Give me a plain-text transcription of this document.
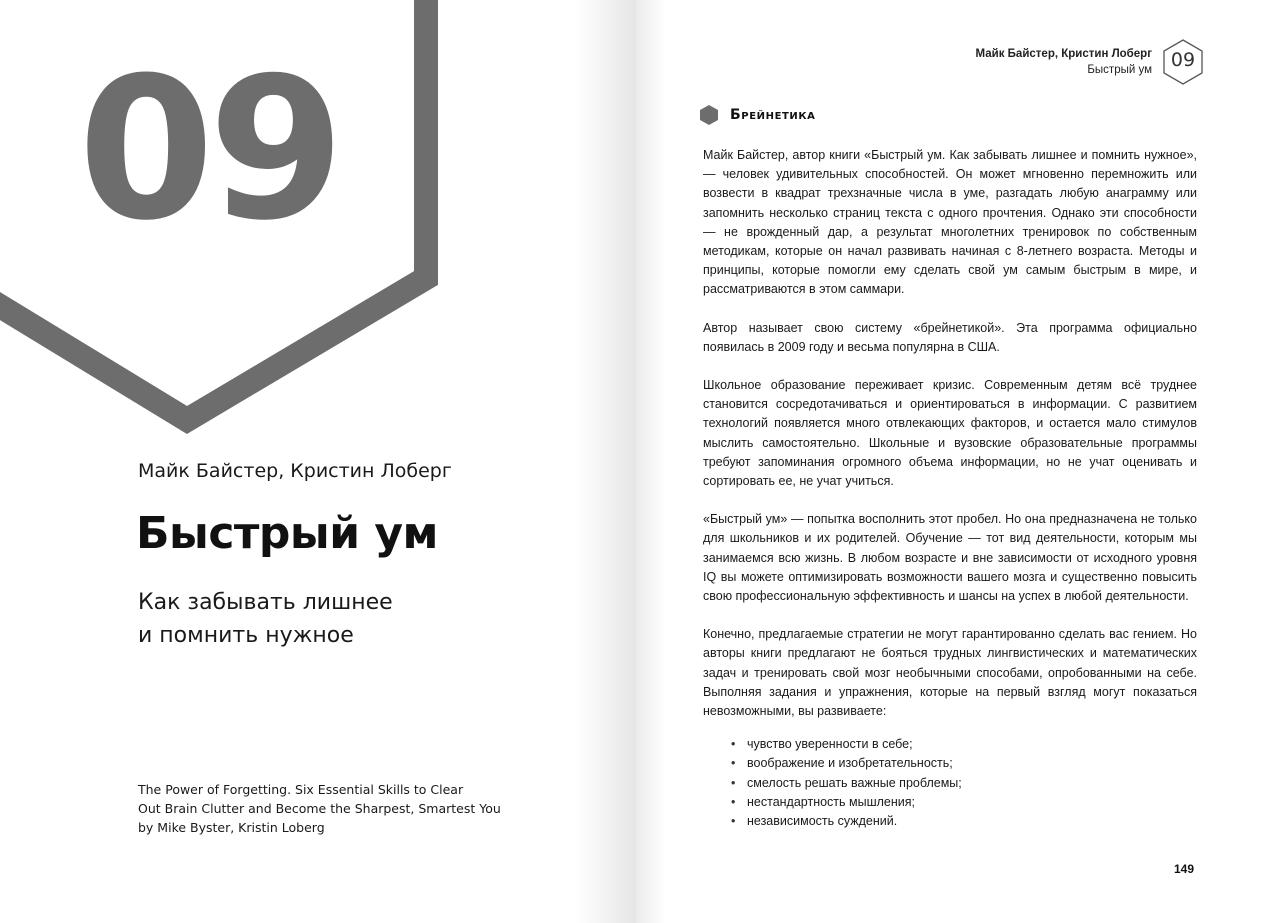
09
Майк Байстер, Кристин Лоберг
Быстрый ум
Как забывать лишнее
и помнить нужное
The Power of Forgetting. Six Essential Skills to Clear
Out Brain Clutter and Become the Sharpest, Smartest You
by Mike Byster, Kristin Loberg
Майк Байстер, Кристин Лоберг
Быстрый ум 09
Брейнетика

Майк Байстер, автор книги «Быстрый ум. Как забывать лишнее и помнить нужное», — человек удивительных способностей. Он может мгновенно перемножить или возвести в квадрат трехзначные числа в уме, разгадать любую анаграмму или запомнить несколько страниц текста с одного прочтения. Однако эти способности — не врожденный дар, а результат многолетних тренировок по собственным методикам, которые он начал развивать начиная с 8-летнего возраста. Методы и принципы, которые помогли ему сделать свой ум самым быстрым в мире, и рассматриваются в этом саммари.

Автор называет свою систему «брейнетикой». Эта программа официально появилась в 2009 году и весьма популярна в США.

Школьное образование переживает кризис. Современным детям всё труднее становится сосредотачиваться и ориентироваться в информации. С развитием технологий появляется много отвлекающих факторов, и остается мало стимулов мыслить самостоятельно. Школьные и вузовские образовательные программы требуют запоминания огромного объема информации, но не учат оценивать и сортировать ее, не учат учиться.

«Быстрый ум» — попытка восполнить этот пробел. Но она предназначена не только для школьников и их родителей. Обучение — тот вид деятельности, которым мы занимаемся всю жизнь. В любом возрасте и вне зависимости от исходного уровня IQ вы можете оптимизировать возможности вашего мозга и существенно повысить свою профессиональную эффективность и шансы на успех в любой деятельности.

Конечно, предлагаемые стратегии не могут гарантированно сделать вас гением. Но авторы книги предлагают не бояться трудных лингвистических и математических задач и тренировать свой мозг необычными способами, опробованными на себе. Выполняя задания и упражнения, которые на первый взгляд могут показаться невозможными, вы развиваете:

• чувство уверенности в себе;
• воображение и изобретательность;
• смелость решать важные проблемы;
• нестандартность мышления;
• независимость суждений.
149
